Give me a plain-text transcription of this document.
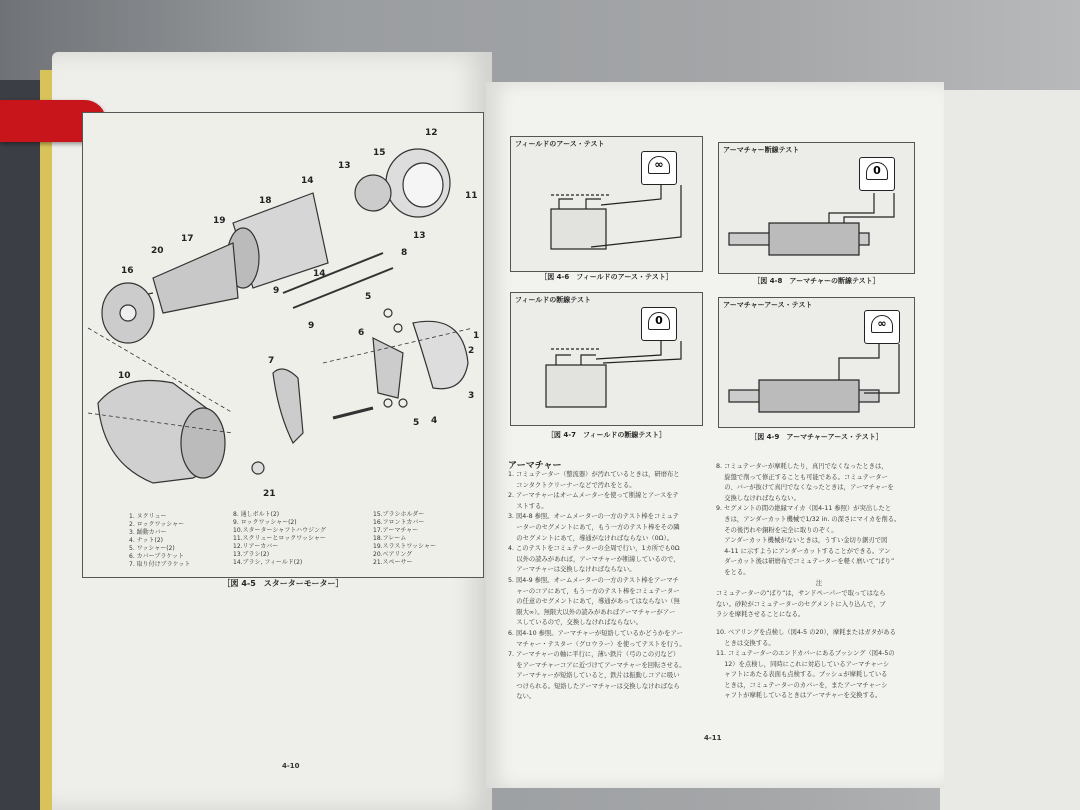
12
13
15
14
11
18
19
17
20
16
13
14
8
9
9
5
6
7
2
3
10
4
5
21
1
1. ヌクリュー
2. ロックワッシャー
3. 踊動カバー
4. ナット(2)
5. ワッシャー(2)
6. カバーブラケット
7. 取り付けブラケット
8. 通しボルト(2)
9. ロックワッシャー(2)
10.スターターシャフトハウジング
11.スクリューとロックワッシャー
12.リアーカバー
13.ブラシ(2)
14.ブラシ, フィールド(2)
15.ブラシホルダー
16.フロントカバー
17.アーマチャー
18.フレーム
19.スラストワッシャー
20.ベアリング
21.スペーサー
［図 4-5　スターターモーター］
4-10
フィールドのアース・テスト
∞
［図 4-6　フィールドのアース・テスト］
アーマチャー断線テスト
0
［図 4-8　アーマチャーの断線テスト］
フィールドの断線テスト
0
［図 4-7　フィールドの断線テスト］
アーマチャーアース・テスト
∞
［図 4-9　アーマチャーアース・テスト］
アーマチャー

1. コミュテーター（整流器）が汚れているときは，研磨布と

　 コンタクトクリーナーなどで汚れをとる。

2. アーマチャーはオームメーターを使って断線とアースをテ

　 ストする。

3. 図4-8 参照。オームメーターの一方のテスト棒をコミュテ

　 ーターのセグメントにあて，もう一方のテスト棒をその隣

　 のセグメントにあて，導通がなければならない（0Ω）。

4. このテストをコミュテーターの全周で行い，1カ所でも0Ω

　 以外の読みがあれば，アーマチャーが断線しているので，

　 アーマチャーは交換しなければならない。

5. 図4-9 参照。オームメーターの一方のテスト棒をアーマチ

　 ャーのコアにあて，もう一方のテスト棒をコミュテーター

　 の任意のセグメントにあて，導通があってはならない（無

　 限大∞）。無限大以外の読みがあればアーマチャーがアー

　 スしているので，交換しなければならない。

6. 図4-10 参照。アーマチャーが短絡しているかどうかをアー

　 マチャー・テスター（グロウラー）を使ってテストを行う。

7. アーマチャーの軸に平行に，薄い鉄片（弓のこの刃など）

　 をアーマチャーコアに近づけてアーマチャーを回転させる。

　 アーマチャーが短絡していると，鉄片は振動しコアに吸い

　 つけられる。短絡したアーマチャーは交換しなければなら

　 ない。

8. コミュテーターが摩耗したり，真円でなくなったときは，

　 旋盤で削って修正することも可能である。コミュテーター

　 の、バーが抜けて真円でなくなったときは，アーマチャーを

　 交換しなければならない。

9. セグメントの間の絶縁マイカ（図4-11 参照）が突出したと

　 きは，アンダーカット機械で1/32 in. の深さにマイカを削る。

　 その後汚れや銅粉を完全に取りのぞく。

　 アンダーカット機械がないときは，うすい金切り鋸刃で図

　 4-11 に示すようにアンダーカットすることができる。アン

　 ダーカット後は研磨布でコミュテーターを軽く磨いて“ばり”

　 をとる。

注

コミュテーターの“ばり”は，サンドペーパーで取ってはなら

ない。砂粒がコミュテーターのセグメントに入り込んで，ブ

ラシを摩耗させることになる。

10. ベアリングを点検し（図4-5 の20），摩耗またはガタがある

　 ときは交換する。

11. コミュテーターのエンドカバーにあるブッシング（図4-5の

　 12）を点検し，同時にこれに対応しているアーマチャーシ

　 ャフトにあたる表面も点検する。ブッシュが摩耗している

　 ときは，コミュテーターのカバーを，またアーマチャーシ

　 ャフトが摩耗しているときはアーマチャーを交換する。

4-11
